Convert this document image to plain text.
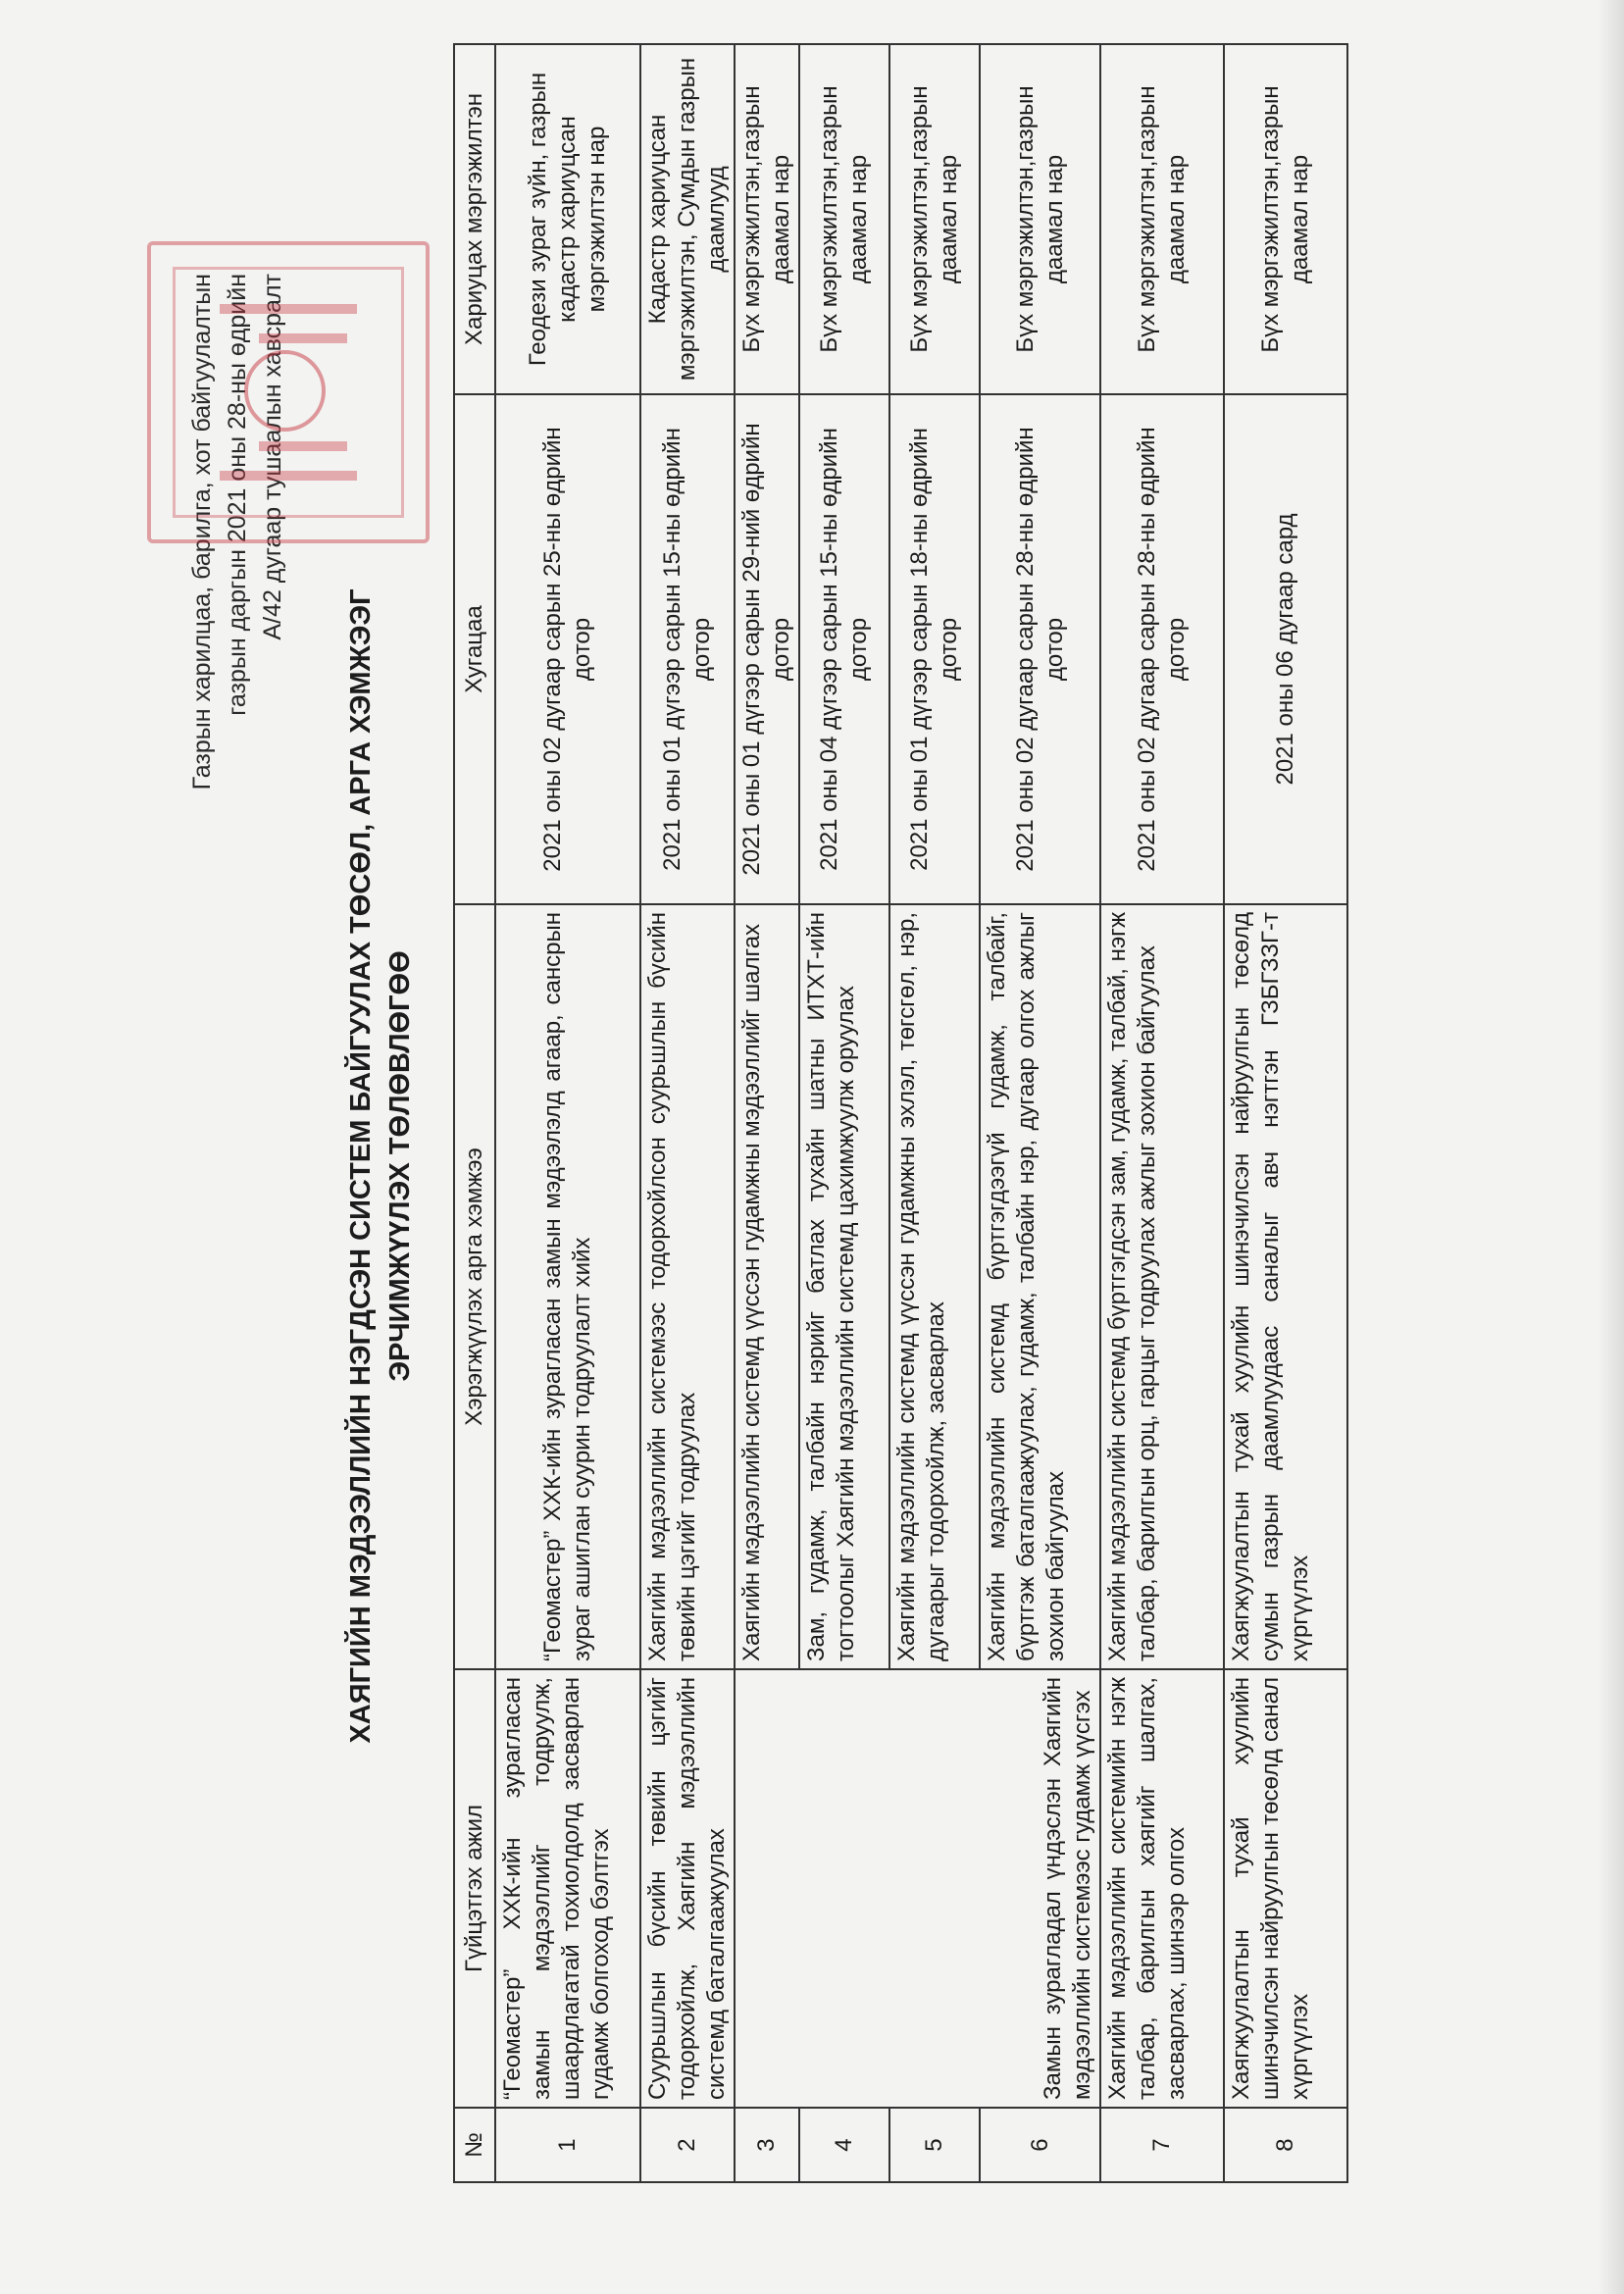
Газрын харилцаа, барилга, хот байгуулалтын газрын даргын 2021 оны 28-ны өдрийн А/42 дугаар тушаалын хавсралт
ХАЯГИЙН МЭДЭЭЛЛИЙН НЭГДСЭН СИСТЕМ БАЙГУУЛАХ ТӨСӨЛ, АРГА ХЭМЖЭЭГ ЭРЧИМЖҮҮЛЭХ ТӨЛӨВЛӨГӨӨ
№	Гүйцэтгэх ажил	Хэрэгжүүлэх арга хэмжээ	Хугацаа	Хариуцах мэргэжилтэн
1	“Геомастер” ХХК-ийн зурагласан замын мэдээллийг тодруулж, шаардлагатай тохиолдолд засварлан гудамж болгоход бэлтгэх	“Геомастер” ХХК-ийн зурагласан замын мэдээлэлд агаар, сансрын зураг ашиглан суурин тодруулалт хийх	2021 оны 02 дугаар сарын 25-ны өдрийн дотор	Геодези зураг зүйн, газрын кадастр хариуцсан мэргэжилтэн нар
2	Суурьшлын бүсийн төвийн цэгийг тодорхойлж, Хаягийн мэдээллийн системд баталгаажуулах	Хаягийн мэдээллийн системээс тодорхойлсон суурьшлын бүсийн төвийн цэгийг тодруулах	2021 оны 01 дүгээр сарын 15-ны өдрийн дотор	Кадастр хариуцсан мэргэжилтэн, Сумдын газрын даамлууд
3	Замын зурагладал үндэслэн Хаягийн мэдээллийн системээс гудамж үүсгэх	Хаягийн мэдээллийн системд үүссэн гудамжны мэдээллийг шалгах	2021 оны 01 дүгээр сарын 29-ний өдрийн дотор	Бүх мэргэжилтэн,газрын даамал нар
4		Зам, гудамж, талбайн нэрийг батлах тухайн шатны ИТХТ-ийн тогтоолыг Хаягийн мэдээллийн системд цахимжуулж оруулах	2021 оны 04 дүгээр сарын 15-ны өдрийн дотор	Бүх мэргэжилтэн,газрын даамал нар
5		Хаягийн мэдээллийн системд үүссэн гудамжны эхлэл, төгсгөл, нэр, дугаарыг тодорхойлж, засварлах	2021 оны 01 дүгээр сарын 18-ны өдрийн дотор	Бүх мэргэжилтэн,газрын даамал нар
6		Хаягийн мэдээллийн системд бүртгэгдээгүй гудамж, талбайг, бүртгэж баталгаажуулах, гудамж, талбайн нэр, дугаар олгох ажлыг зохион байгуулах	2021 оны 02 дугаар сарын 28-ны өдрийн дотор	Бүх мэргэжилтэн,газрын даамал нар
7	Хаягийн мэдээллийн системийн нэгж талбар, барилгын хаягийг шалгах, засварлах, шинээр олгох	Хаягийн мэдээллийн системд бүртгэгдсэн зам, гудамж, талбай, нэгж талбар, барилгын орц, гарцыг тодруулах ажлыг зохион байгуулах	2021 оны 02 дугаар сарын 28-ны өдрийн дотор	Бүх мэргэжилтэн,газрын даамал нар
8	Хаягжуулалтын тухай хуулийн шинэчилсэн найруулгын төсөлд санал хүргүүлэх	Хаягжуулалтын тухай хуулийн шинэчилсэн найруулгын төсөлд сумын газрын даамлуудаас саналыг авч нэгтгэн ГЗБГЗЗГ-т хүргүүлэх	2021 оны 06 дугаар сард	Бүх мэргэжилтэн,газрын даамал нар
